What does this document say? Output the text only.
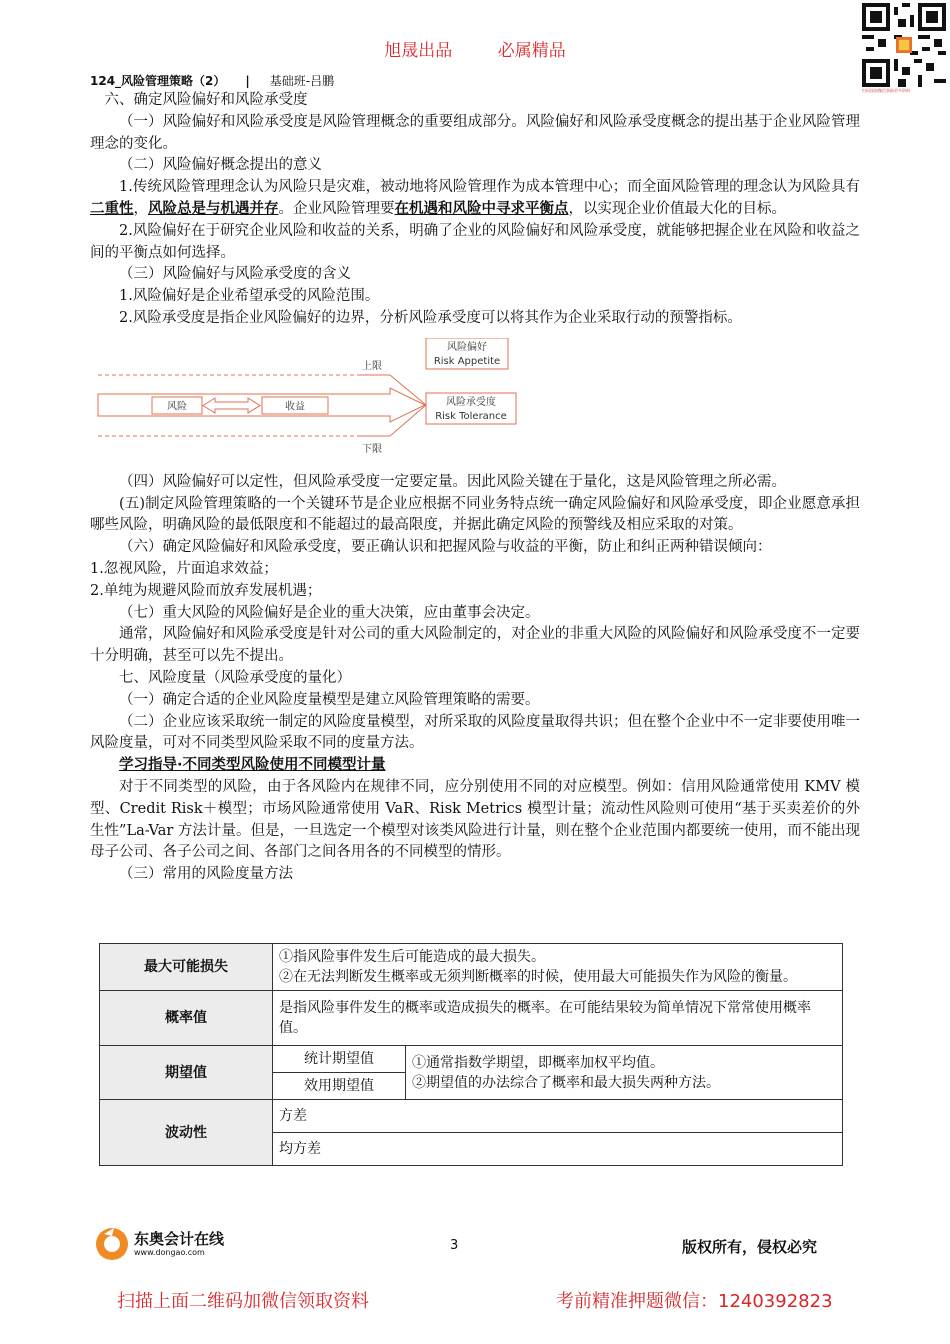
旭晟出品	必属精品
扫码添加微信获取更多资料
124_风险管理策略（2） | 基础班-吕鹏

六、确定风险偏好和风险承受度

（一）风险偏好和风险承受度是风险管理概念的重要组成部分。风险偏好和风险承受度概念的提出基于企业风险管理理念的变化。

（二）风险偏好概念提出的意义

1.传统风险管理理念认为风险只是灾难，被动地将风险管理作为成本管理中心；而全面风险管理的理念认为风险具有二重性，风险总是与机遇并存。企业风险管理要在机遇和风险中寻求平衡点，以实现企业价值最大化的目标。

2.风险偏好在于研究企业风险和收益的关系，明确了企业的风险偏好和风险承受度，就能够把握企业在风险和收益之间的平衡点如何选择。

（三）风险偏好与风险承受度的含义

1.风险偏好是企业希望承受的风险范围。

2.风险承受度是指企业风险偏好的边界，分析风险承受度可以将其作为企业采取行动的预警指标。

上限
下限
风险	收益
风险偏好
Risk Appetite
风险承受度
Risk Tolerance

（四）风险偏好可以定性，但风险承受度一定要定量。因此风险关键在于量化，这是风险管理之所必需。

(五)制定风险管理策略的一个关键环节是企业应根据不同业务特点统一确定风险偏好和风险承受度，即企业愿意承担哪些风险，明确风险的最低限度和不能超过的最高限度，并据此确定风险的预警线及相应采取的对策。

（六）确定风险偏好和风险承受度，要正确认识和把握风险与收益的平衡，防止和纠正两种错误倾向：

1.忽视风险，片面追求效益；

2.单纯为规避风险而放弃发展机遇；

（七）重大风险的风险偏好是企业的重大决策，应由董事会决定。

通常，风险偏好和风险承受度是针对公司的重大风险制定的，对企业的非重大风险的风险偏好和风险承受度不一定要十分明确，甚至可以先不提出。

七、风险度量（风险承受度的量化）

（一）确定合适的企业风险度量模型是建立风险管理策略的需要。

（二）企业应该采取统一制定的风险度量模型，对所采取的风险度量取得共识；但在整个企业中不一定非要使用唯一风险度量，可对不同类型风险采取不同的度量方法。

学习指导·不同类型风险使用不同模型计量

对于不同类型的风险，由于各风险内在规律不同，应分别使用不同的对应模型。例如：信用风险通常使用 KMV 模型、Credit Risk＋模型；市场风险通常使用 VaR、Risk Metrics 模型计量；流动性风险则可使用“基于买卖差价的外生性”La-Var 方法计量。但是，一旦选定一个模型对该类风险进行计量，则在整个企业范围内都要统一使用，而不能出现母子公司、各子公司之间、各部门之间各用各的不同模型的情形。

（三）常用的风险度量方法

最大可能损失	①指风险事件发生后可能造成的最大损失。
②在无法判断发生概率或无须判断概率的时候，使用最大可能损失作为风险的衡量。	

概率值	是指风险事件发生的概率或造成损失的概率。在可能结果较为简单情况下常常使用概率值。	
期望值	统计期望值	①通常指数学期望，即概率加权平均值。
②期望值的办法综合了概率和最大损失两种方法。

	效用期望值	
波动性	方差	
	均方差	
东奥会计在线
www.dongao.com	3	版权所有，侵权必究
扫描上面二维码加微信领取资料	考前精准押题微信：1240392823
